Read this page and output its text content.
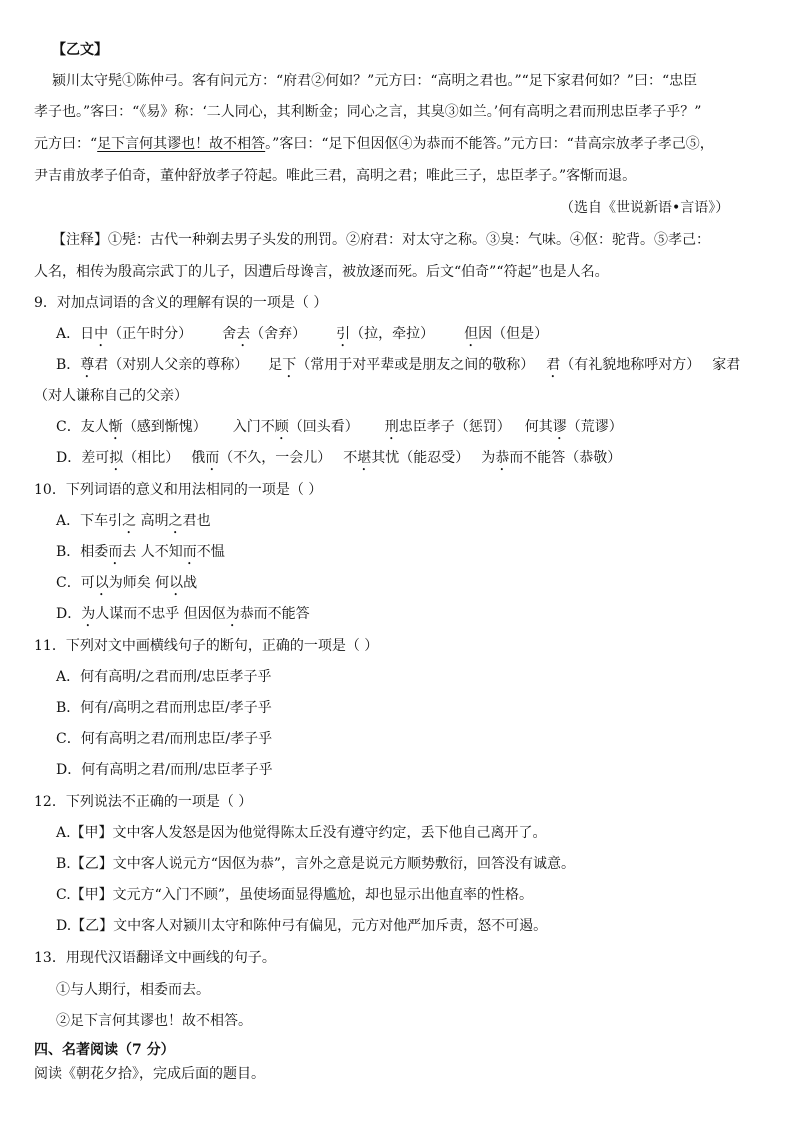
【乙文】
颍川太守髡①陈仲弓。客有问元方：“府君②何如？”元方曰：“高明之君也。”“足下家君何如？”曰：“忠臣
孝子也。”客曰：“《易》称：‘二人同心，其利断金；同心之言，其臭③如兰。’何有高明之君而刑忠臣孝子乎？”
元方曰：“足下言何其谬也！故不相答。”客曰：“足下但因伛④为恭而不能答。”元方曰：“昔高宗放孝子孝己⑤，
尹吉甫放孝子伯奇，董仲舒放孝子符起。唯此三君，高明之君；唯此三子，忠臣孝子。”客惭而退。
（选自《世说新语•言语》）
【注释】①髡：古代一种剃去男子头发的刑罚。②府君：对太守之称。③臭：气味。④伛：驼背。⑤孝己：
人名，相传为殷高宗武丁的儿子，因遭后母谗言，被放逐而死。后文“伯奇”“符起”也是人名。
9．对加点词语的含义的理解有误的一项是（ ）
A．日中（正午时分） 舍去（舍弃） 引（拉，牵拉） 但因（但是）
B．尊君（对别人父亲的尊称） 足下（常用于对平辈或是朋友之间的敬称） 君（有礼貌地称呼对方） 家君
（对人谦称自己的父亲）
C．友人惭（感到惭愧） 入门不顾（回头看） 刑忠臣孝子（惩罚） 何其谬（荒谬）
D．差可拟（相比） 俄而（不久，一会儿） 不堪其忧（能忍受） 为恭而不能答（恭敬）
10．下列词语的意义和用法相同的一项是（ ）
A．下车引之 高明之君也
B．相委而去 人不知而不愠
C．可以为师矣 何以战
D．为人谋而不忠乎 但因伛为恭而不能答
11．下列对文中画横线句子的断句，正确的一项是（ ）
A．何有高明/之君而刑/忠臣孝子乎
B．何有/高明之君而刑忠臣/孝子乎
C．何有高明之君/而刑忠臣/孝子乎
D．何有高明之君/而刑/忠臣孝子乎
12．下列说法不正确的一项是（ ）
A.【甲】文中客人发怒是因为他觉得陈太丘没有遵守约定，丢下他自己离开了。
B.【乙】文中客人说元方“因伛为恭”，言外之意是说元方顺势敷衍，回答没有诚意。
C.【甲】文元方“入门不顾”，虽使场面显得尴尬，却也显示出他直率的性格。
D.【乙】文中客人对颍川太守和陈仲弓有偏见，元方对他严加斥责，怒不可遏。
13．用现代汉语翻译文中画线的句子。
①与人期行，相委而去。
②足下言何其谬也！故不相答。
四、名著阅读（7 分）
阅读《朝花夕拾》，完成后面的题目。
